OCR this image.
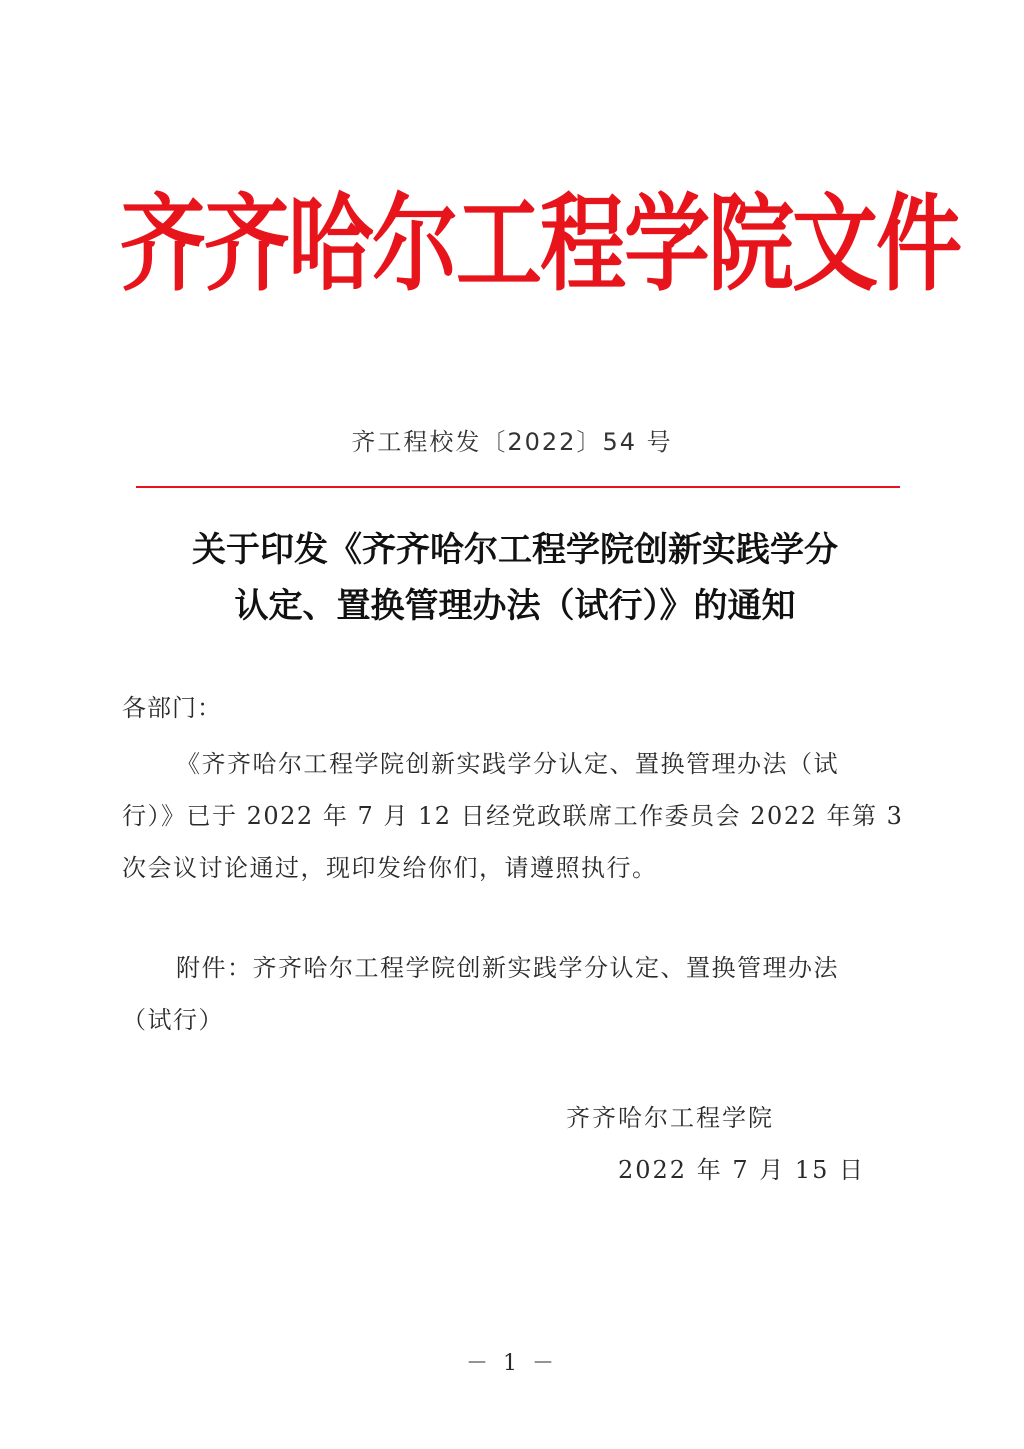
齐齐哈尔工程学院文件
齐工程校发〔2022〕54 号
关于印发《齐齐哈尔工程学院创新实践学分
认定、置换管理办法（试行）》的通知
各部门：
《齐齐哈尔工程学院创新实践学分认定、置换管理办法（试
行）》已于 2022 年 7 月 12 日经党政联席工作委员会 2022 年第 3
次会议讨论通过，现印发给你们，请遵照执行。
附件：齐齐哈尔工程学院创新实践学分认定、置换管理办法
（试行）
齐齐哈尔工程学院
2022 年 7 月 15 日
－ 1 －
